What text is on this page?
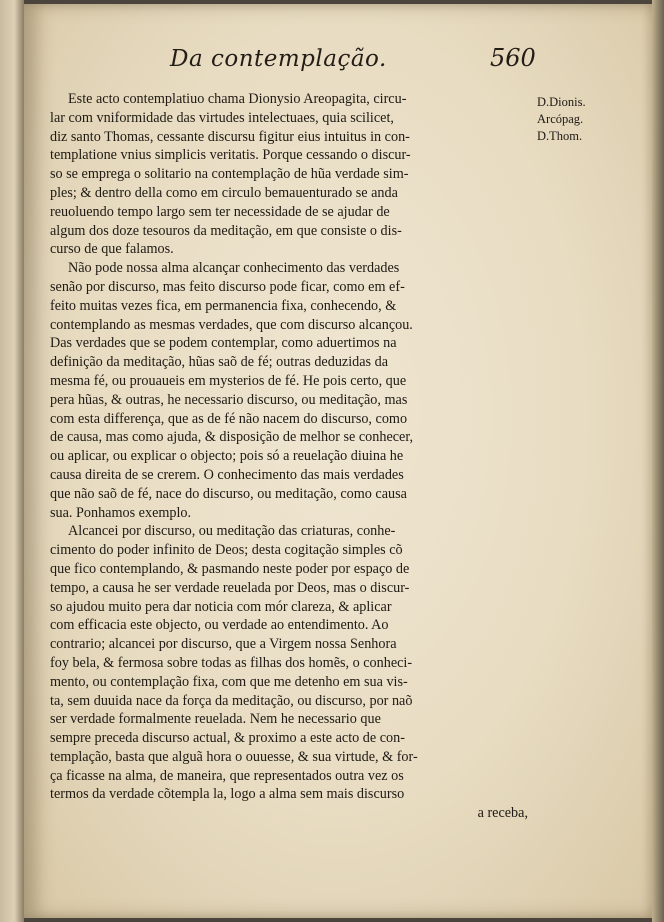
Da contemplação.	560
D.Dionis.
Arcópag.
D.Thom.
Este acto contemplatiuo chama Dionysio Areopagita, circu-
lar com vniformidade das virtudes intelectuaes, quia scilicet,
diz santo Thomas, cessante discursu figitur eius intuitus in con-
templatione vnius simplicis veritatis. Porque cessando o discur-
so se emprega o solitario na contemplação de hũa verdade sim-
ples; & dentro della como em circulo bemauenturado se anda
reuoluendo tempo largo sem ter necessidade de se ajudar de
algum dos doze tesouros da meditação, em que consiste o dis-
curso de que falamos.
Não pode nossa alma alcançar conhecimento das verdades
senão por discurso, mas feito discurso pode ficar, como em ef-
feito muitas vezes fica, em permanencia fixa, conhecendo, &
contemplando as mesmas verdades, que com discurso alcançou.
Das verdades que se podem contemplar, como aduertimos na
definição da meditação, hũas saõ de fé; outras deduzidas da
mesma fé, ou prouaueis em mysterios de fé. He pois certo, que
pera hũas, & outras, he necessario discurso, ou meditação, mas
com esta differença, que as de fé não nacem do discurso, como
de causa, mas como ajuda, & disposição de melhor se conhecer,
ou aplicar, ou explicar o objecto; pois só a reuelação diuina he
causa direita de se crerem. O conhecimento das mais verdades
que não saõ de fé, nace do discurso, ou meditação, como causa
sua. Ponhamos exemplo.
Alcancei por discurso, ou meditação das criaturas, conhe-
cimento do poder infinito de Deos; desta cogitação simples cõ
que fico contemplando, & pasmando neste poder por espaço de
tempo, a causa he ser verdade reuelada por Deos, mas o discur-
so ajudou muito pera dar noticia com mór clareza, & aplicar
com efficacia este objecto, ou verdade ao entendimento. Ao
contrario; alcancei por discurso, que a Virgem nossa Senhora
foy bela, & fermosa sobre todas as filhas dos homẽs, o conheci-
mento, ou contemplação fixa, com que me detenho em sua vis-
ta, sem duuida nace da força da meditação, ou discurso, por naõ
ser verdade formalmente reuelada. Nem he necessario que
sempre preceda discurso actual, & proximo a este acto de con-
templação, basta que alguã hora o ouuesse, & sua virtude, & for-
ça ficasse na alma, de maneira, que representados outra vez os
termos da verdade cõtempla la, logo a alma sem mais discurso
a receba,
